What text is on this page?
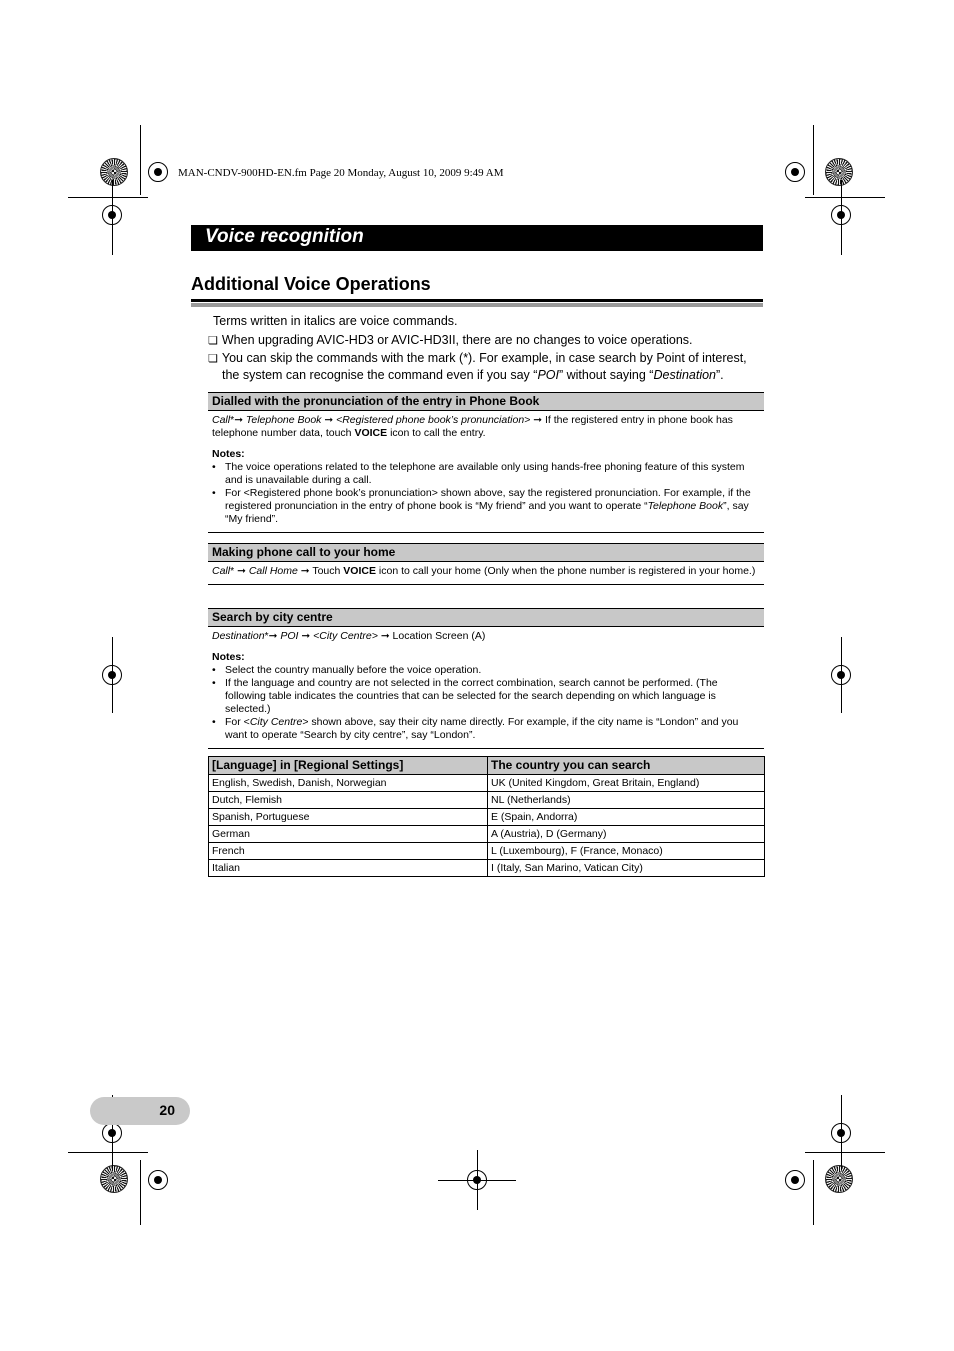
MAN-CNDV-900HD-EN.fm Page 20 Monday, August 10, 2009 9:49 AM
Voice recognition
Additional Voice Operations
Terms written in italics are voice commands.
❏ When upgrading AVIC-HD3 or AVIC-HD3II, there are no changes to voice operations.
❏ You can skip the commands with the mark (*). For example, in case search by Point of interest,
the system can recognise the command even if you say “POI” without saying “Destination”.
Dialled with the pronunciation of the entry in Phone Book
Call*➞ Telephone Book ➞ <Registered phone book’s pronunciation> ➞ If the registered entry in phone book has telephone number data, touch VOICE icon to call the entry.
Notes:
• The voice operations related to the telephone are available only using hands-free phoning feature of this system and is unavailable during a call.
• For <Registered phone book’s pronunciation> shown above, say the registered pronunciation. For example, if the registered pronunciation in the entry of phone book is “My friend” and you want to operate “Telephone Book”, say “My friend”.
Making phone call to your home
Call* ➞ Call Home ➞ Touch VOICE icon to call your home (Only when the phone number is registered in your home.)
Search by city centre
Destination*➞ POI ➞ <City Centre> ➞ Location Screen (A)
Notes:
• Select the country manually before the voice operation.
• If the language and country are not selected in the correct combination, search cannot be performed. (The following table indicates the countries that can be selected for the search depending on which language is selected.)
• For <City Centre> shown above, say their city name directly. For example, if the city name is “London” and you want to operate “Search by city centre”, say “London”.
[Language] in [Regional Settings]	The country you can search
English, Swedish, Danish, Norwegian	UK (United Kingdom, Great Britain, England)
Dutch, Flemish	NL (Netherlands)
Spanish, Portuguese	E (Spain, Andorra)
German	A (Austria), D (Germany)
French	L (Luxembourg), F (France, Monaco)
Italian	I (Italy, San Marino, Vatican City)
20
